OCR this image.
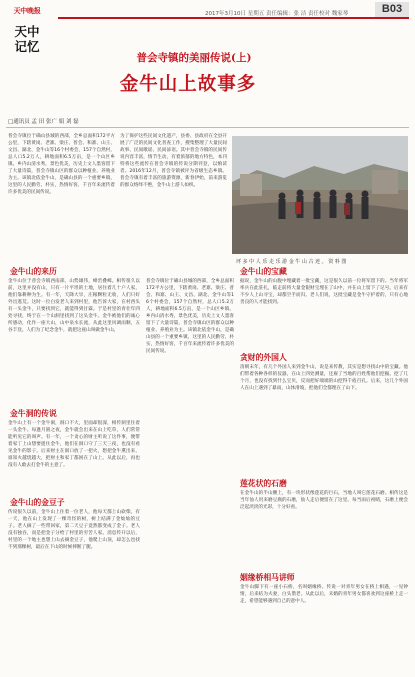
天中晚报
天中
记忆
2017年3月10日 星期五 责任编辑：张 洁 责任校对 魏家琴	B03
普会寺镇的美丽传说(上)
金牛山上故事多
□通讯员 孟 田 张广 娟 刘 磊
普会寺镇位于确山县城的西部，全乡总面积172平方公里，下辖黄岗、老寨、梁庄、普会、和寨、山王、文昌、湖北、金牛山等16个村委会，157个自然村，总人口5.2万人，耕地面积6.5万亩，是一个山区乡镇。乡内山清水秀，景色优美，历史上文人墨客留下了大量诗篇，普会寺镇山区的群众以种植业、养殖业为主。该镇北依金牛山，是确山县的一个重要乡镇，这里的人民勤劳、朴实，热情好客，千百年来流传着许多优美的民间传说。
为了保护这些民间文化遗产，县委、县政府在全县开展了广泛的民间文化普查工作，搜集整理了大量民间故事、民间歌谣、民间谚语。其中普会寺镇的民间传说内容丰富，情节生动，有着浓郁的地方特色，本刊特将这些流传在普会寺镇的传说分期刊登，以飨读者。2016年12月，普会寺镇被评为省级生态乡镇。普会寺镇有着丰富的旅游资源，新春伊始，前来游览的群众络绎不绝，金牛山上游人如织。
坪 多 中 人 乐 走 乐 游 金 牛 山 古 迹 。 资 料 图
金牛山的来历
金牛山位于普会寺镇西南部，山势雄伟，峰峦叠嶂。相传很久以前，这里并没有山，只有一片平坦的土地，居住着几十户人家，他们靠耕种为生。有一年，天降大旱，庄稼颗粒无收，人们只好外出逃荒。这时一位白发老人来到村里，他告诉大家，在村西头有一头金牛，只要找到它，就能得到甘霖。于是村里的青壮年四处寻找，终于在一个山洞里找到了这头金牛。金牛被他们的诚心所感动，化作一座大山，山中泉水长流，从此这里风调雨顺，五谷丰登。人们为了纪念金牛，就把这座山叫做金牛山。
金牛洞的传说
金牛山上有一个金牛洞，洞口不大，里面却很深，相传洞里住着一头金牛。每逢月圆之夜，金牛就会出来在山上吃草，人们常常能听见它的叫声。有一年，一个贪心的财主听说了这件事，便带着家丁上山想要捉住金牛，他们在洞口守了三天三夜，也没有看见金牛的影子。后来财主在洞口放了一把火，想把金牛熏出来，谁知火越烧越大，把财主和家丁都困在了山上。从此以后，再也没有人敢去打金牛的主意了。
金牛山的金豆子
传说很久以前，金牛山上住着一位老人，他每天都上山砍柴。有一天，他在山上发现了一棵奇怪的树，树上结满了金灿灿的豆子。老人摘了一些带回家，第二天豆子竟然都变成了金子。老人没有独吞，而是把金子分给了村里的穷苦人家。消息传开以后，村里的一个地主也想上山去摘金豆子，他爬上山顶，却怎么也找不到那棵树，最后在下山的时候摔断了腿。
普会寺镇位于确山县城的西部，全乡总面积172平方公里，下辖黄岗、老寨、梁庄、普会、和寨、山王、文昌、湖北、金牛山等16个村委会，157个自然村，总人口5.2万人，耕地面积6.5万亩，是一个山区乡镇。乡内山清水秀，景色优美，历史上文人墨客留下了大量诗篇，普会寺镇山区的群众以种植业、养殖业为主。该镇北依金牛山，是确山县的一个重要乡镇，这里的人民勤劳、朴实，热情好客，千百年来流传着许多优美的民间传说。
金牛山的宝藏
据说，金牛山的山腹中埋藏着一批宝藏，这是很久以前一位将军留下的。当年将军率兵在此驻扎，临走前将大量金银财宝埋在了山中，并在山上留下了记号。后来有不少人上山寻宝，却都空手而归。老人们说，这批宝藏是金牛守护着的，只有心地善良的人才能找到。
贪财的外国人
清朝末年，有几个外国人来到金牛山，说是来传教，其实是想寻找山中的宝藏。他们带着各种各样的仪器，在山上四处测量，还雇了当地的百姓帮他们挖掘。挖了几个月，也没有找到什么宝贝，反而把好端端的山挖得千疮百孔。后来，这几个外国人在山上遇到了暴雨，山体滑坡，把他们全都埋在了山下。
莲花状的石磨
在金牛山的半山腰上，有一块形状像莲花的巨石，当地人叫它莲花石磨。相传这是当年仙人用来磨豆腐的石磨，仙人走后便留在了这里。每当雨后初晴，石磨上便会泛起淡淡的光彩，十分好看。
姻缘桥相马讲师
金牛山脚下有一座小石桥，名叫姻缘桥。传说一对青年男女在桥上相遇，一见钟情，后来结为夫妻，白头偕老。从此以后，未婚的青年男女都喜欢到这座桥上走一走，希望能够遇到自己的意中人。
